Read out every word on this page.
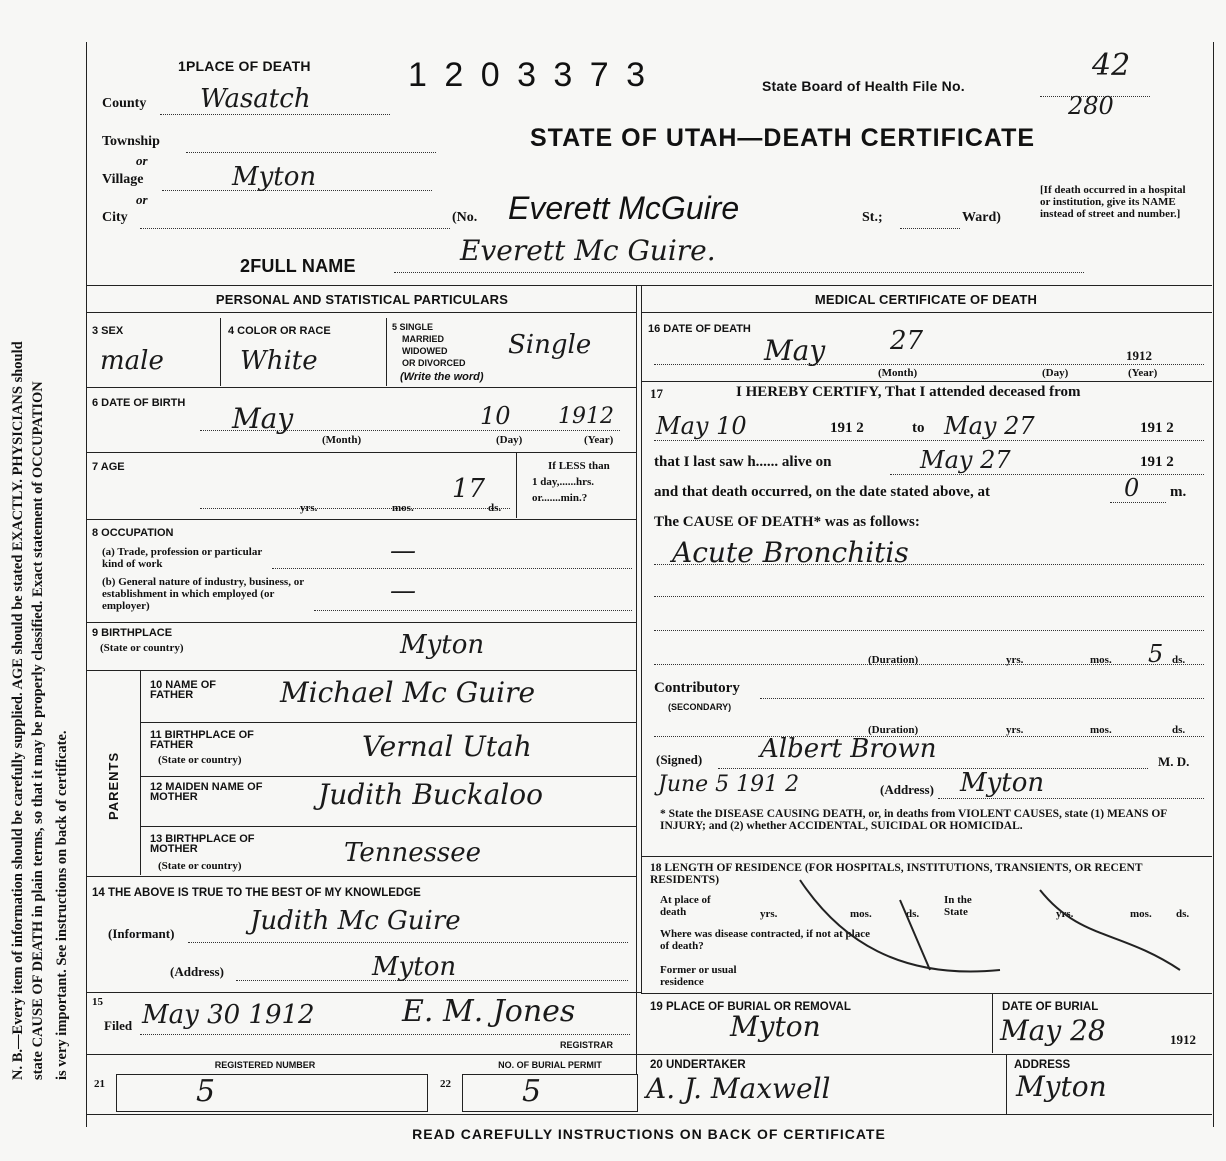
N. B.—Every item of information should be carefully supplied. AGE should be stated EXACTLY. PHYSICIANS should state CAUSE OF DEATH in plain terms, so that it may be properly classified. Exact statement of OCCUPATION is very important. See instructions on back of certificate.
1PLACE OF DEATH	1 2 0 3 3 7 3	State Board of Health File No.
42
280
STATE OF UTAH—DEATH CERTIFICATE
County Wasatch
Township
or
Village	Myton
or
City	(No. Everett McGuire	St.;	Ward)
[If death occurred in a hospital or institution, give its NAME instead of street and number.]
2FULL NAME	Everett Mc Guire.
PERSONAL AND STATISTICAL PARTICULARS
3 SEX
male
4 COLOR OR RACE
White
5 SINGLE
MARRIED
WIDOWED
OR DIVORCED
(Write the word)
Single
6 DATE OF BIRTH May	10 1912
(Month)	(Day)	(Year)
7 AGE
yrs.	mos.
17
ds.
If LESS than
1 day,......hrs.
or.......min.?
8 OCCUPATION
(a) Trade, profession or particular kind of work	—
(b) General nature of industry, business, or establishment in which employed (or employer)	—
9 BIRTHPLACE
(State or country)	Myton
PARENTS
10 NAME OF FATHER	Michael Mc Guire
11 BIRTHPLACE OF FATHER
(State or country)	Vernal Utah
12 MAIDEN NAME OF MOTHER	Judith Buckaloo
13 BIRTHPLACE OF MOTHER
(State or country)	Tennessee
14 THE ABOVE IS TRUE TO THE BEST OF MY KNOWLEDGE
(Informant)	Judith Mc Guire
(Address)	Myton
15
Filed May 30 1912	E. M. Jones
REGISTRAR
REGISTERED NUMBER	NO. OF BURIAL PERMIT
21	5	22 5
MEDICAL CERTIFICATE OF DEATH
16 DATE OF DEATH
May 27	1912
(Month)	(Day)	(Year)
17	I HEREBY CERTIFY, That I attended deceased from
May 10	191 2	to May 27	191 2
that I last saw h...... alive on	May 27	191 2
and that death occurred, on the date stated above, at	0 m.
The CAUSE OF DEATH* was as follows:
Acute Bronchitis
(Duration)	yrs.	mos. 5 ds.
Contributory
(SECONDARY)
(Duration)	yrs.	mos.	ds.
(Signed) Albert Brown	M. D.
June 5 191 2	(Address) Myton
* State the DISEASE CAUSING DEATH, or, in deaths from VIOLENT CAUSES, state (1) MEANS OF INJURY; and (2) whether ACCIDENTAL, SUICIDAL OR HOMICIDAL.
18 LENGTH OF RESIDENCE (FOR HOSPITALS, INSTITUTIONS, TRANSIENTS, OR RECENT RESIDENTS)
At place of death	yrs.	mos.	ds.
In the State	yrs.	mos. ds.
Where was disease contracted, if not at place of death?
Former or usual residence
19 PLACE OF BURIAL OR REMOVAL
Myton
DATE OF BURIAL
May 28	1912
20 UNDERTAKER
A. J. Maxwell
ADDRESS
Myton
READ CAREFULLY INSTRUCTIONS ON BACK OF CERTIFICATE
